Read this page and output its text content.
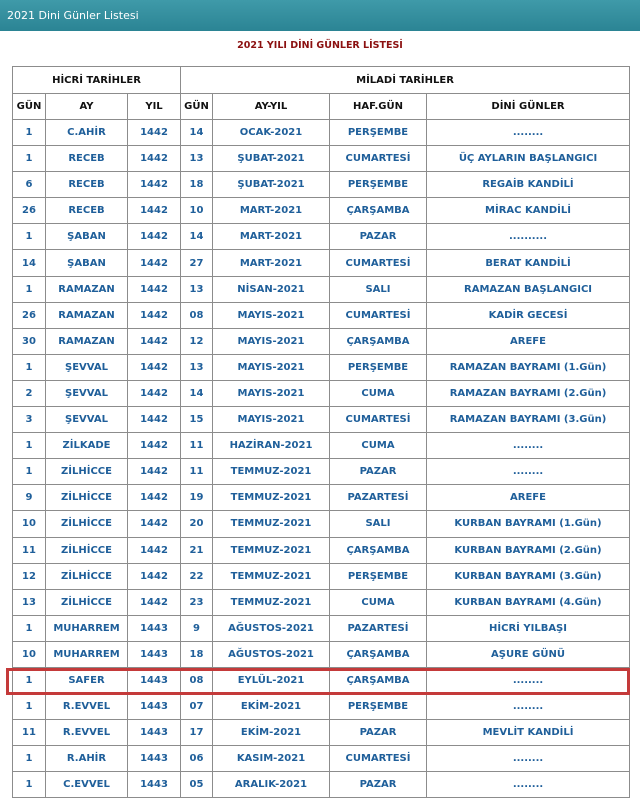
2021 Dini Günler Listesi
2021 YILI DİNİ GÜNLER LİSTESİ
HİCRİ TARİHLER			MİLADİ TARİHLER			
GÜN	AY	YIL	GÜN	AY-YIL	HAF.GÜN	DİNİ GÜNLER
1	C.AHİR	1442	14	OCAK-2021	PERŞEMBE	........
1	RECEB	1442	13	ŞUBAT-2021	CUMARTESİ	ÜÇ AYLARIN BAŞLANGICI
6	RECEB	1442	18	ŞUBAT-2021	PERŞEMBE	REGAİB KANDİLİ
26	RECEB	1442	10	MART-2021	ÇARŞAMBA	MİRAC KANDİLİ
1	ŞABAN	1442	14	MART-2021	PAZAR	..........
14	ŞABAN	1442	27	MART-2021	CUMARTESİ	BERAT KANDİLİ
1	RAMAZAN	1442	13	NİSAN-2021	SALI	RAMAZAN BAŞLANGICI
26	RAMAZAN	1442	08	MAYIS-2021	CUMARTESİ	KADİR GECESİ
30	RAMAZAN	1442	12	MAYIS-2021	ÇARŞAMBA	AREFE
1	ŞEVVAL	1442	13	MAYIS-2021	PERŞEMBE	RAMAZAN BAYRAMI (1.Gün)
2	ŞEVVAL	1442	14	MAYIS-2021	CUMA	RAMAZAN BAYRAMI (2.Gün)
3	ŞEVVAL	1442	15	MAYIS-2021	CUMARTESİ	RAMAZAN BAYRAMI (3.Gün)
1	ZİLKADE	1442	11	HAZİRAN-2021	CUMA	........
1	ZİLHİCCE	1442	11	TEMMUZ-2021	PAZAR	........
9	ZİLHİCCE	1442	19	TEMMUZ-2021	PAZARTESİ	AREFE
10	ZİLHİCCE	1442	20	TEMMUZ-2021	SALI	KURBAN BAYRAMI (1.Gün)
11	ZİLHİCCE	1442	21	TEMMUZ-2021	ÇARŞAMBA	KURBAN BAYRAMI (2.Gün)
12	ZİLHİCCE	1442	22	TEMMUZ-2021	PERŞEMBE	KURBAN BAYRAMI (3.Gün)
13	ZİLHİCCE	1442	23	TEMMUZ-2021	CUMA	KURBAN BAYRAMI (4.Gün)
1	MUHARREM	1443	9	AĞUSTOS-2021	PAZARTESİ	HİCRİ YILBAŞI
10	MUHARREM	1443	18	AĞUSTOS-2021	ÇARŞAMBA	AŞURE GÜNÜ
1	SAFER	1443	08	EYLÜL-2021	ÇARŞAMBA	........
1	R.EVVEL	1443	07	EKİM-2021	PERŞEMBE	........
11	R.EVVEL	1443	17	EKİM-2021	PAZAR	MEVLİT KANDİLİ
1	R.AHİR	1443	06	KASIM-2021	CUMARTESİ	........
1	C.EVVEL	1443	05	ARALIK-2021	PAZAR	........
